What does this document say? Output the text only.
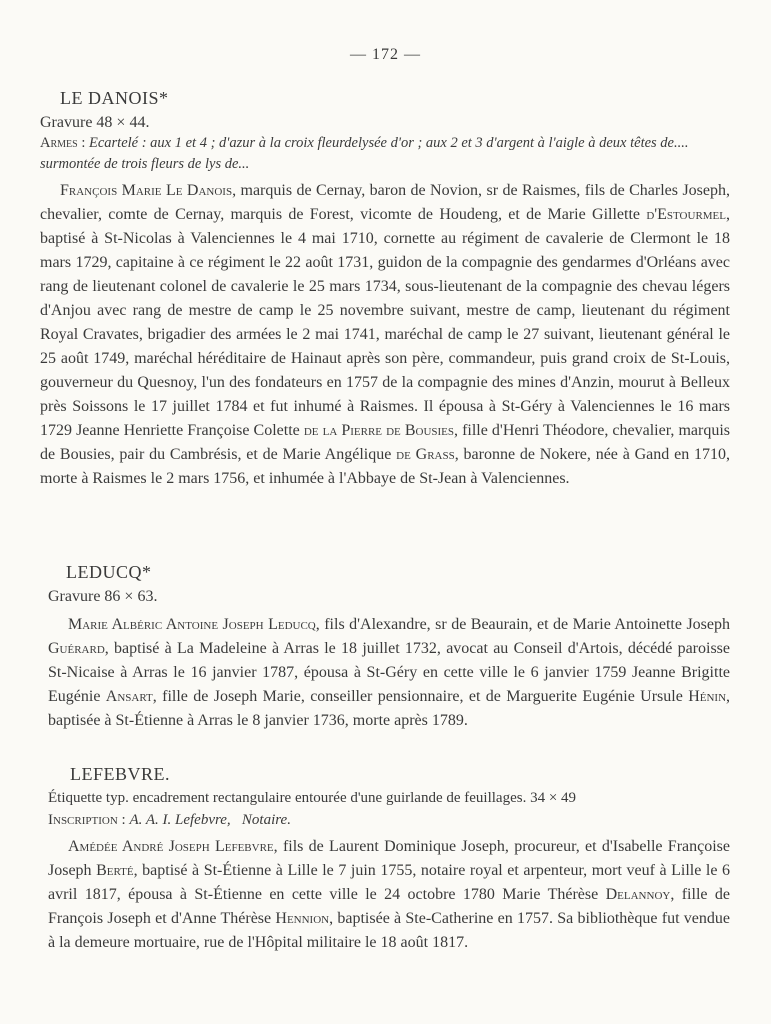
— 172 —
LE DANOIS*

Gravure 48 × 44.

Armes : Ecartelé : aux 1 et 4 ; d'azur à la croix fleurdelysée d'or ; aux 2 et 3 d'argent à l'aigle à deux têtes de.... surmontée de trois fleurs de lys de...

François Marie Le Danois, marquis de Cernay, baron de Novion, sr de Raismes, fils de Charles Joseph, chevalier, comte de Cernay, marquis de Forest, vicomte de Houdeng, et de Marie Gillette d'Estourmel, baptisé à St-Nicolas à Valenciennes le 4 mai 1710, cornette au régiment de cavalerie de Clermont le 18 mars 1729, capitaine à ce régiment le 22 août 1731, guidon de la compagnie des gendarmes d'Orléans avec rang de lieutenant colonel de cavalerie le 25 mars 1734, sous-lieutenant de la compagnie des chevau légers d'Anjou avec rang de mestre de camp le 25 novembre suivant, mestre de camp, lieutenant du régiment Royal Cravates, brigadier des armées le 2 mai 1741, maréchal de camp le 27 suivant, lieutenant général le 25 août 1749, maréchal héréditaire de Hainaut après son père, commandeur, puis grand croix de St-Louis, gouverneur du Quesnoy, l'un des fondateurs en 1757 de la compagnie des mines d'Anzin, mourut à Belleux près Soissons le 17 juillet 1784 et fut inhumé à Raismes. Il épousa à St-Géry à Valenciennes le 16 mars 1729 Jeanne Henriette Françoise Colette de la Pierre de Bousies, fille d'Henri Théodore, chevalier, marquis de Bousies, pair du Cambrésis, et de Marie Angélique de Grass, baronne de Nokere, née à Gand en 1710, morte à Raismes le 2 mars 1756, et inhumée à l'Abbaye de St-Jean à Valenciennes.

LEDUCQ*

Gravure 86 × 63.

Marie Albéric Antoine Joseph Leducq, fils d'Alexandre, sr de Beaurain, et de Marie Antoinette Joseph Guérard, baptisé à La Madeleine à Arras le 18 juillet 1732, avocat au Conseil d'Artois, décédé paroisse St-Nicaise à Arras le 16 janvier 1787, épousa à St-Géry en cette ville le 6 janvier 1759 Jeanne Brigitte Eugénie Ansart, fille de Joseph Marie, conseiller pensionnaire, et de Marguerite Eugénie Ursule Hénin, baptisée à St-Étienne à Arras le 8 janvier 1736, morte après 1789.

LEFEBVRE.

Étiquette typ. encadrement rectangulaire entourée d'une guirlande de feuillages. 34 × 49

Inscription : A. A. I. Lefebvre,   Notaire.

Amédée André Joseph Lefebvre, fils de Laurent Dominique Joseph, procureur, et d'Isabelle Françoise Joseph Berté, baptisé à St-Étienne à Lille le 7 juin 1755, notaire royal et arpenteur, mort veuf à Lille le 6 avril 1817, épousa à St-Étienne en cette ville le 24 octobre 1780 Marie Thérèse Delannoy, fille de François Joseph et d'Anne Thérèse Hennion, baptisée à Ste-Catherine en 1757. Sa bibliothèque fut vendue à la demeure mortuaire, rue de l'Hôpital militaire le 18 août 1817.
